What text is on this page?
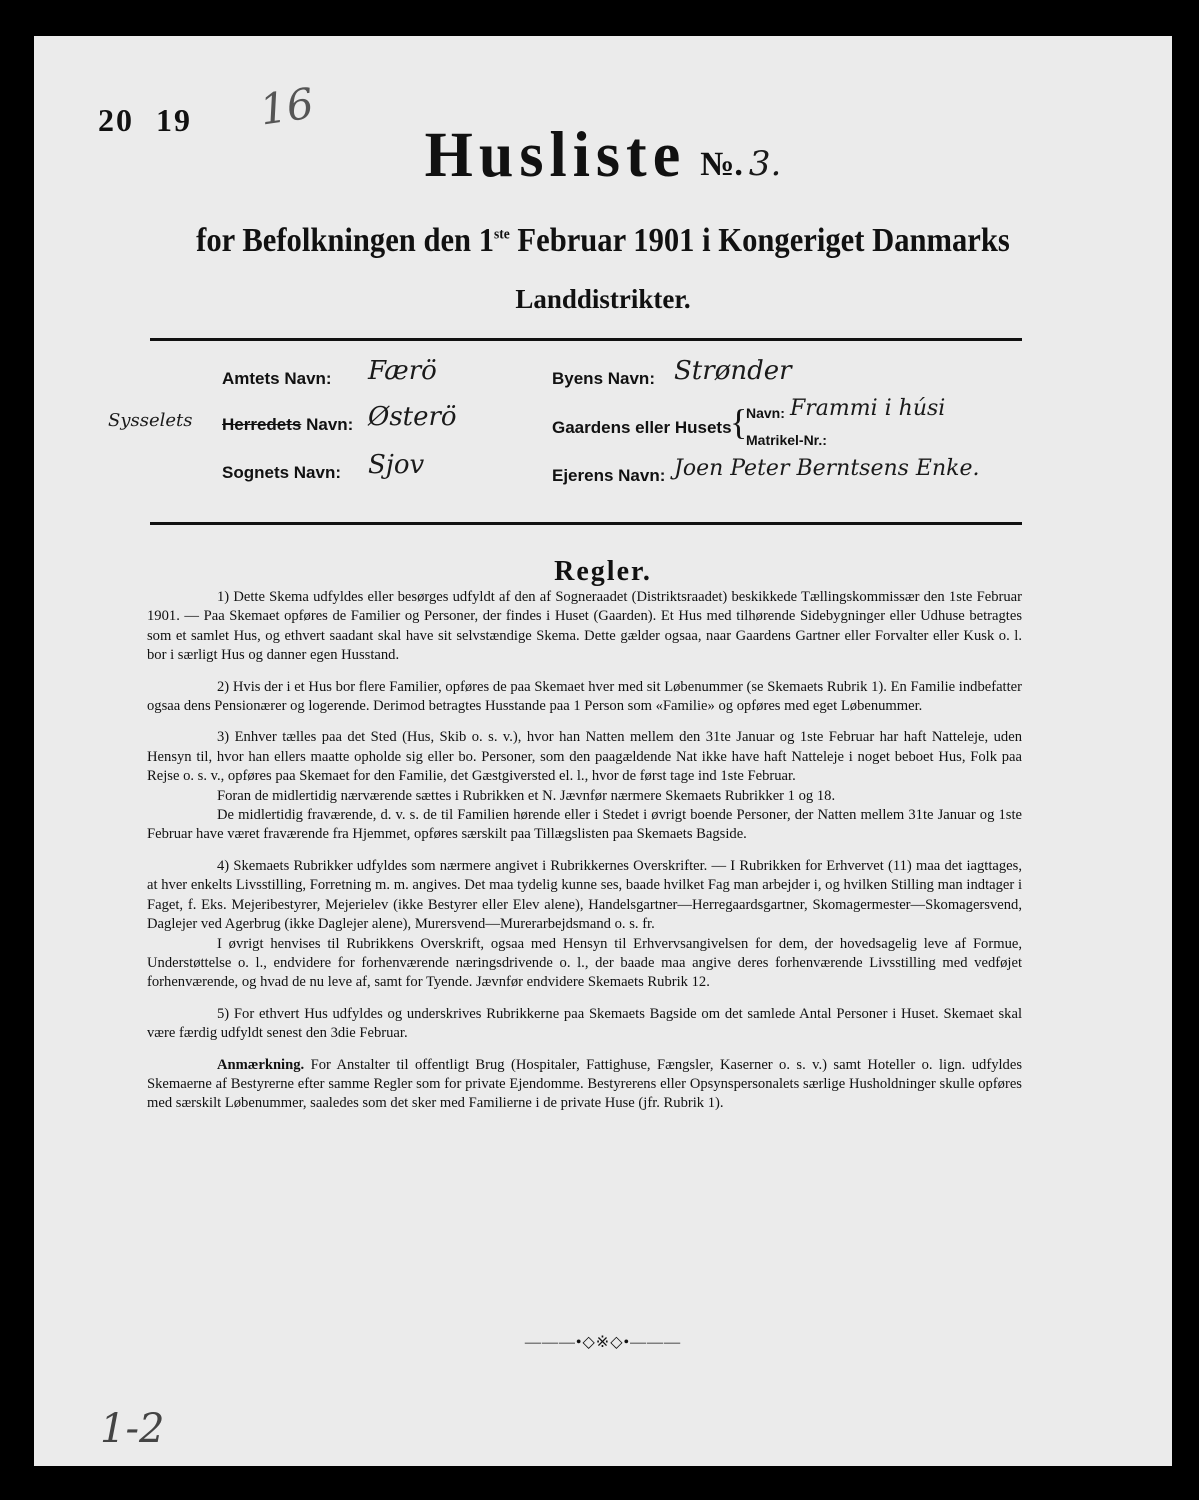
20 19 16
Husliste №. 3.
for Befolkningen den 1ste Februar 1901 i Kongeriget Danmarks
Landdistrikter.
Amtets Navn: Færö
Sysselets Herredets Navn: Østerö
Sognets Navn: Sjov
Byens Navn: Strønder
Gaardens eller Husets
{
Navn: Frammi i húsi
Matrikel-Nr.:
Ejerens Navn: Joen Peter Berntsens Enke.
Regler.

1) Dette Skema udfyldes eller besørges udfyldt af den af Sogneraadet (Distriktsraadet) beskikkede Tællingskommissær den 1ste Februar 1901. — Paa Skemaet opføres de Familier og Personer, der findes i Huset (Gaarden). Et Hus med tilhørende Sidebygninger eller Udhuse betragtes som et samlet Hus, og ethvert saadant skal have sit selvstændige Skema. Dette gælder ogsaa, naar Gaardens Gartner eller Forvalter eller Kusk o. l. bor i særligt Hus og danner egen Husstand.

2) Hvis der i et Hus bor flere Familier, opføres de paa Skemaet hver med sit Løbenummer (se Skemaets Rubrik 1). En Familie indbefatter ogsaa dens Pensionærer og logerende. Derimod betragtes Husstande paa 1 Person som «Familie» og opføres med eget Løbenummer.

3) Enhver tælles paa det Sted (Hus, Skib o. s. v.), hvor han Natten mellem den 31te Januar og 1ste Februar har haft Natteleje, uden Hensyn til, hvor han ellers maatte opholde sig eller bo. Personer, som den paagældende Nat ikke have haft Natteleje i noget beboet Hus, Folk paa Rejse o. s. v., opføres paa Skemaet for den Familie, det Gæstgiversted el. l., hvor de først tage ind 1ste Februar.

Foran de midlertidig nærværende sættes i Rubrikken et N. Jævnfør nærmere Skemaets Rubrikker 1 og 18.

De midlertidig fraværende, d. v. s. de til Familien hørende eller i Stedet i øvrigt boende Personer, der Natten mellem 31te Januar og 1ste Februar have været fraværende fra Hjemmet, opføres særskilt paa Tillægslisten paa Skemaets Bagside.

4) Skemaets Rubrikker udfyldes som nærmere angivet i Rubrikkernes Overskrifter. — I Rubrikken for Erhvervet (11) maa det iagttages, at hver enkelts Livsstilling, Forretning m. m. angives. Det maa tydelig kunne ses, baade hvilket Fag man arbejder i, og hvilken Stilling man indtager i Faget, f. Eks. Mejeribestyrer, Mejerielev (ikke Bestyrer eller Elev alene), Handelsgartner—Herregaardsgartner, Skomagermester—Skomagersvend, Daglejer ved Agerbrug (ikke Daglejer alene), Murersvend—Murerarbejdsmand o. s. fr.

I øvrigt henvises til Rubrikkens Overskrift, ogsaa med Hensyn til Erhvervsangivelsen for dem, der hovedsagelig leve af Formue, Understøttelse o. l., endvidere for forhenværende næringsdrivende o. l., der baade maa angive deres forhenværende Livsstilling med vedføjet forhenværende, og hvad de nu leve af, samt for Tyende. Jævnfør endvidere Skemaets Rubrik 12.

5) For ethvert Hus udfyldes og underskrives Rubrikkerne paa Skemaets Bagside om det samlede Antal Personer i Huset. Skemaet skal være færdig udfyldt senest den 3die Februar.

Anmærkning. For Anstalter til offentligt Brug (Hospitaler, Fattighuse, Fængsler, Kaserner o. s. v.) samt Hoteller o. lign. udfyldes Skemaerne af Bestyrerne efter samme Regler som for private Ejendomme. Bestyrerens eller Opsynspersonalets særlige Husholdninger skulle opføres med særskilt Løbenummer, saaledes som det sker med Familierne i de private Huse (jfr. Rubrik 1).

———•◇※◇•———
1-2
